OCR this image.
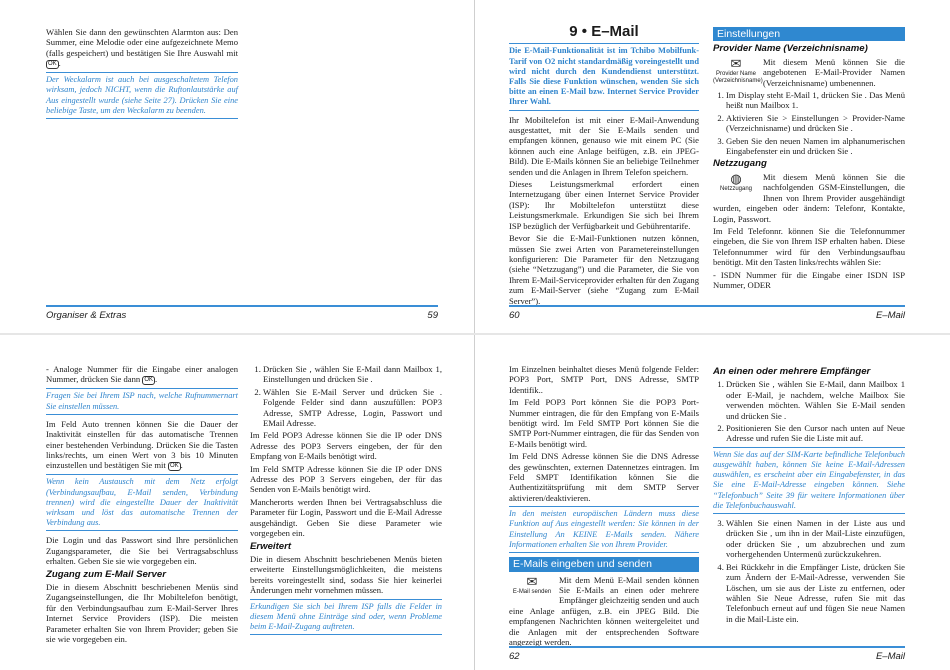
Wählen Sie dann den gewünschten Alarmton aus: Den Summer, eine Melodie oder eine aufgezeichnete Memo (falls gespeichert) und bestätigen Sie Ihre Auswahl mit OK .

Der Weckalarm ist auch bei ausgeschaltetem Telefon wirksam, jedoch NICHT, wenn die Ruftonlautstärke auf Aus eingestellt wurde (siehe Seite 27). Drücken Sie eine beliebige Taste, um den Weckalarm zu beenden.
Organiser & Extras	59
9 • E–Mail
Die E-Mail-Funktionalität ist im Tchibo Mobilfunk-Tarif von O2 nicht standardmäßig voreingestellt und wird nicht durch den Kundendienst unterstützt. Falls Sie diese Funktion wünschen, wenden Sie sich bitte an einen E-Mail bzw. Internet Service Provider Ihrer Wahl.

Ihr Mobiltelefon ist mit einer E-Mail-Anwendung ausgestattet, mit der Sie E-Mails senden und empfangen können, genauso wie mit einem PC (Sie können auch eine Anlage beifügen, z.B. ein JPEG-Bild). Die E-Mails können Sie an beliebige Teilnehmer senden und die Anlagen in Ihrem Telefon speichern.

Dieses Leistungsmerkmal erfordert einen Internetzugang über einen Internet Service Provider (ISP): Ihr Mobiltelefon unterstützt diese Leistungsmerkmale. Erkundigen Sie sich bei Ihrem ISP bezüglich der Verfügbarkeit und Gebührentarife.

Bevor Sie die E-Mail-Funktionen nutzen können, müssen Sie zwei Arten von Parametereinstellungen konfigurieren: Die Parameter für den Netzzugang (siehe “Netzzugang”) und die Parameter, die Sie von Ihrem E-Mail-Serviceprovider erhalten für den Zugang zum E-Mail-Server (siehe “Zugang zum E-Mail Server”).

Einstellungen
Provider Name (Verzeichnisname)
✉
Provider Name (Verzeichnisname)

Mit diesem Menü können Sie die angebotenen E-Mail-Provider Namen (Verzeichnisname) umbenennen.

1. Im Display steht E-Mail 1, drücken Sie . Das Menü heißt nun Mailbox 1.
2. Aktivieren Sie > Einstellungen > Provider-Name (Verzeichnisname) und drücken Sie .
3. Geben Sie den neuen Namen im alphanumerischen Eingabefenster ein und drücken Sie .
Netzzugang
◍
Netzzugang

Mit diesem Menü können Sie die nachfolgenden GSM-Einstellungen, die Ihnen von Ihrem Provider ausgehändigt wurden, eingeben oder ändern: Telefonr, Kontakte, Login, Passwort.

Im Feld Telefonnr. können Sie die Telefonnummer eingeben, die Sie von Ihrem ISP erhalten haben. Diese Telefonnummer wird für den Verbindungsaufbau benötigt. Mit den Tasten links/rechts wählen Sie:

- ISDN Nummer für die Eingabe einer ISDN ISP Nummer, ODER

60	E–Mail

- Analoge Nummer für die Eingabe einer analogen Nummer, drücken Sie dann OK .

Fragen Sie bei Ihrem ISP nach, welche Rufnummernart Sie einstellen müssen.

Im Feld Auto trennen können Sie die Dauer der Inaktivität einstellen für das automatische Trennen einer bestehenden Verbindung. Drücken Sie die Tasten links/rechts, um einen Wert von 3 bis 10 Minuten einzustellen und bestätigen Sie mit OK .

Wenn kein Austausch mit dem Netz erfolgt (Verbindungsaufbau, E-Mail senden, Verbindung trennen) wird die eingestellte Dauer der Inaktivität wirksam und löst das automatische Trennen der Verbindung aus.

Die Login und das Passwort sind Ihre persönlichen Zugangsparameter, die Sie bei Vertragsabschluss erhalten. Geben Sie sie wie vorgegeben ein.

Zugang zum E-Mail Server

Die in diesem Abschnitt beschriebenen Menüs sind Zugangseinstellungen, die Ihr Mobiltelefon benötigt, für den Verbindungsaufbau zum E-Mail-Server Ihres Internet Service Providers (ISP). Die meisten Parameter erhalten Sie von Ihrem Provider; geben Sie sie wie vorgegeben ein.

1. Drücken Sie , wählen Sie E-Mail dann Mailbox 1, Einstellungen und drücken Sie .
2. Wählen Sie E-Mail Server und drücken Sie . Folgende Felder sind dann auszufüllen: POP3 Adresse, SMTP Adresse, Login, Passwort und EMail Adresse.

Im Feld POP3 Adresse können Sie die IP oder DNS Adresse des POP3 Servers eingeben, der für den Empfang von E-Mails benötigt wird.

Im Feld SMTP Adresse können Sie die IP oder DNS Adresse des POP 3 Servers eingeben, der für das Senden von E-Mails benötigt wird.

Mancherorts werden Ihnen bei Vertragsabschluss die Parameter für Login, Passwort und die E-Mail Adresse ausgehändigt. Geben Sie diese Parameter wie vorgegeben ein.

Erweitert

Die in diesem Abschnitt beschriebenen Menüs bieten erweiterte Einstellungsmöglichkeiten, die meistens bereits voreingestellt sind, sodass Sie hier keinerlei Änderungen mehr vornehmen müssen.

Erkundigen Sie sich bei Ihrem ISP falls die Felder in diesem Menü ohne Einträge sind oder, wenn Probleme beim E-Mail-Zugang auftreten.

Im Einzelnen beinhaltet dieses Menü folgende Felder: POP3 Port, SMTP Port, DNS Adresse, SMTP Identifik..

Im Feld POP3 Port können Sie die POP3 Port-Nummer eintragen, die für den Empfang von E-Mails benötigt wird. Im Feld SMTP Port können Sie die SMTP Port-Nummer eintragen, die für das Senden von E-Mails benötigt wird.

Im Feld DNS Adresse können Sie die DNS Adresse des gewünschten, externen Datennetzes eintragen. Im Feld SMPT Identifikation können Sie die Authentizitätsprüfung mit dem SMTP Server aktivieren/deaktivieren.

In den meisten europäischen Ländern muss diese Funktion auf Aus eingestellt werden: Sie können in der Einstellung An KEINE E-Mails senden. Nähere Informationen erhalten Sie von Ihrem Provider.
E-Mails eingeben und senden
✉
E-Mail senden

Mit dem Menü E-Mail senden können Sie E-Mails an einen oder mehrere Empfänger gleichzeitig senden und auch eine Anlage anfügen, z.B. ein JPEG Bild. Die empfangenen Nachrichten können weitergeleitet und die Anlagen mit der entsprechenden Software angezeigt werden.

An einen oder mehrere Empfänger
1. Drücken Sie , wählen Sie E-Mail, dann Mailbox 1 oder E-Mail, je nachdem, welche Mailbox Sie verwenden möchten. Wählen Sie E-Mail senden und drücken Sie .
2. Positionieren Sie den Cursor nach unten auf Neue Adresse und rufen Sie die Liste mit auf.
Wenn Sie das auf der SIM-Karte befindliche Telefonbuch ausgewählt haben, können Sie keine E-Mail-Adressen auswählen, es erscheint aber ein Eingabefenster, in das Sie eine E-Mail-Adresse eingeben können. Siehe “Telefonbuch” Seite 39 für weitere Informationen über die Telefonbuchauswahl.
3. Wählen Sie einen Namen in der Liste aus und drücken Sie , um ihn in der Mail-Liste einzufügen, oder drücken Sie , um abzubrechen und zum vorhergehenden Untermenü zurückzukehren.
4. Bei Rückkehr in die Empfänger Liste, drücken Sie zum Ändern der E-Mail-Adresse, verwenden Sie Löschen, um sie aus der Liste zu entfernen, oder wählen Sie Neue Adresse, rufen Sie mit das Telefonbuch erneut auf und fügen Sie neue Namen in die Mail-Liste ein.
62	E–Mail
